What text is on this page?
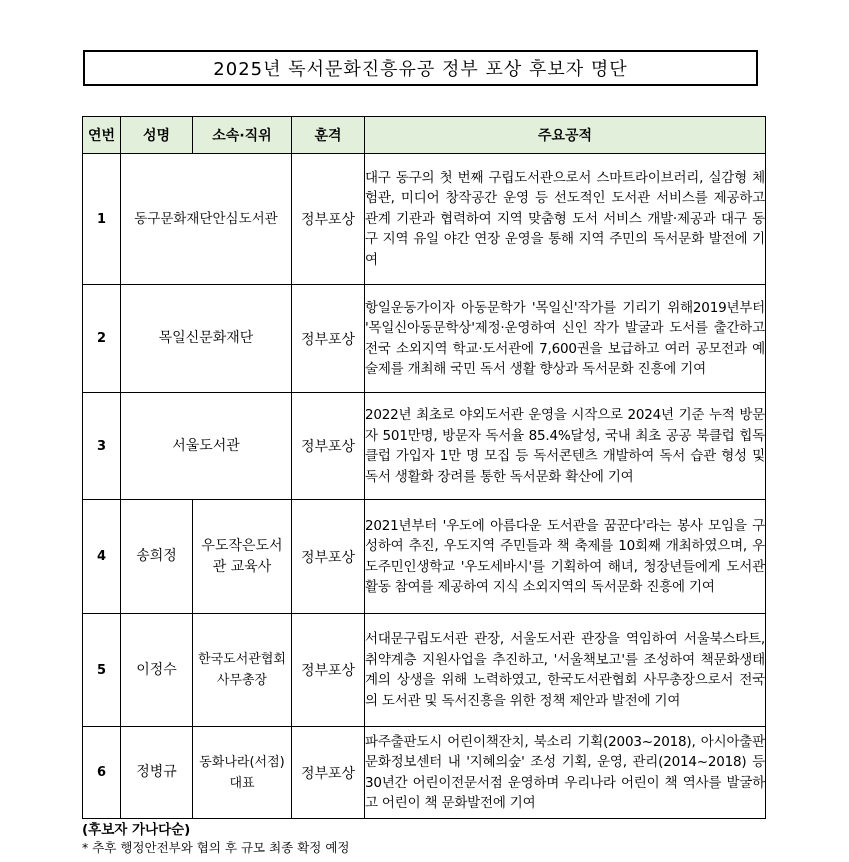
2025년 독서문화진흥유공 정부 포상 후보자 명단
연번	성명	소속·직위	훈격	주요공적
1	동구문화재단안심도서관		정부포상	대구 동구의 첫 번째 구립도서관으로서 스마트라이브러리, 실감형 체험관, 미디어 창작공간 운영 등 선도적인 도서관 서비스를 제공하고 관계 기관과 협력하여 지역 맞춤형 도서 서비스 개발·제공과 대구 동구 지역 유일 야간 연장 운영을 통해 지역 주민의 독서문화 발전에 기여
2	목일신문화재단		정부포상	항일운동가이자 아동문학가 '목일신'작가를 기리기 위해2019년부터 '목일신아동문학상'제정·운영하여 신인 작가 발굴과 도서를 출간하고 전국 소외지역 학교·도서관에 7,600권을 보급하고 여러 공모전과 예술제를 개최해 국민 독서 생활 향상과 독서문화 진흥에 기여
3	서울도서관		정부포상	2022년 최초로 야외도서관 운영을 시작으로 2024년 기준 누적 방문자 501만명, 방문자 독서율 85.4%달성, 국내 최초 공공 북클럽 힙독클럽 가입자 1만 명 모집 등 독서콘텐츠 개발하여 독서 습관 형성 및 독서 생활화 장려를 통한 독서문화 확산에 기여
4	송희정	우도작은도서관 교육사	정부포상	2021년부터 '우도에 아름다운 도서관을 꿈꾼다'라는 봉사 모임을 구성하여 추진, 우도지역 주민들과 책 축제를 10회째 개최하였으며, 우도주민인생학교 '우도세바시'를 기획하여 해녀, 청장년들에게 도서관 활동 참여를 제공하여 지식 소외지역의 독서문화 진흥에 기여
5	이정수	한국도서관협회 사무총장	정부포상	서대문구립도서관 관장, 서울도서관 관장을 역임하여 서울북스타트, 취약계층 지원사업을 추진하고, '서울책보고'를 조성하여 책문화생태계의 상생을 위해 노력하였고, 한국도서관협회 사무총장으로서 전국의 도서관 및 독서진흥을 위한 정책 제안과 발전에 기여
6	정병규	동화나라(서점) 대표	정부포상	파주출판도시 어린이책잔치, 북소리 기획(2003~2018), 아시아출판문화정보센터 내 '지혜의숲' 조성 기획, 운영, 관리(2014~2018) 등 30년간 어린이전문서점 운영하며 우리나라 어린이 책 역사를 발굴하고 어린이 책 문화발전에 기여
(후보자 가나다순)
* 추후 행정안전부와 협의 후 규모 최종 확정 예정
